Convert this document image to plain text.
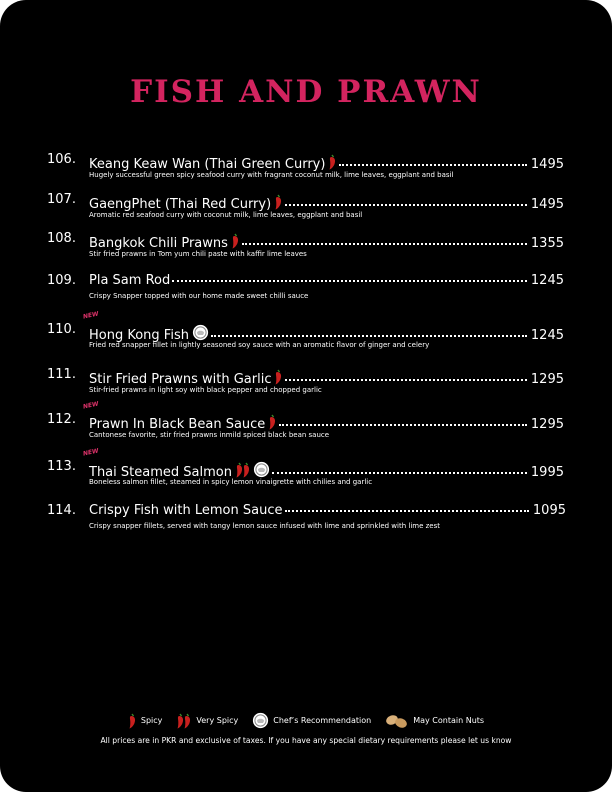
FISH AND PRAWN
106. Keang Keaw Wan (Thai Green Curry)	1495
Hugely successful green spicy seafood curry with fragrant coconut milk, lime leaves, eggplant and basil
107. GaengPhet (Thai Red Curry)	1495
Aromatic red seafood curry with coconut milk, lime leaves, eggplant and basil
108. Bangkok Chili Prawns	1355
Stir fried prawns in Tom yum chili paste with kaffir lime leaves
109. Pla Sam Rod	1245
Crispy Snapper topped with our home made sweet chilli sauce
NEW
110. Hong Kong Fish	1245
Fried red snapper fillet in lightly seasoned soy sauce with an aromatic flavor of ginger and celery
111. Stir Fried Prawns with Garlic	1295
Stir-fried prawns in light soy with black pepper and chopped garlic
NEW
112. Prawn In Black Bean Sauce	1295
Cantonese favorite, stir fried prawns inmild spiced black bean sauce
NEW
113. Thai Steamed Salmon	1995
Boneless salmon fillet, steamed in spicy lemon vinaigrette with chilies and garlic
114. Crispy Fish with Lemon Sauce	1095
Crispy snapper fillets, served with tangy lemon sauce infused with lime and sprinkled with lime zest
Spicy	Very Spicy	Chef’s Recommendation	May Contain Nuts
All prices are in PKR and exclusive of taxes. If you have any special dietary requirements please let us know
